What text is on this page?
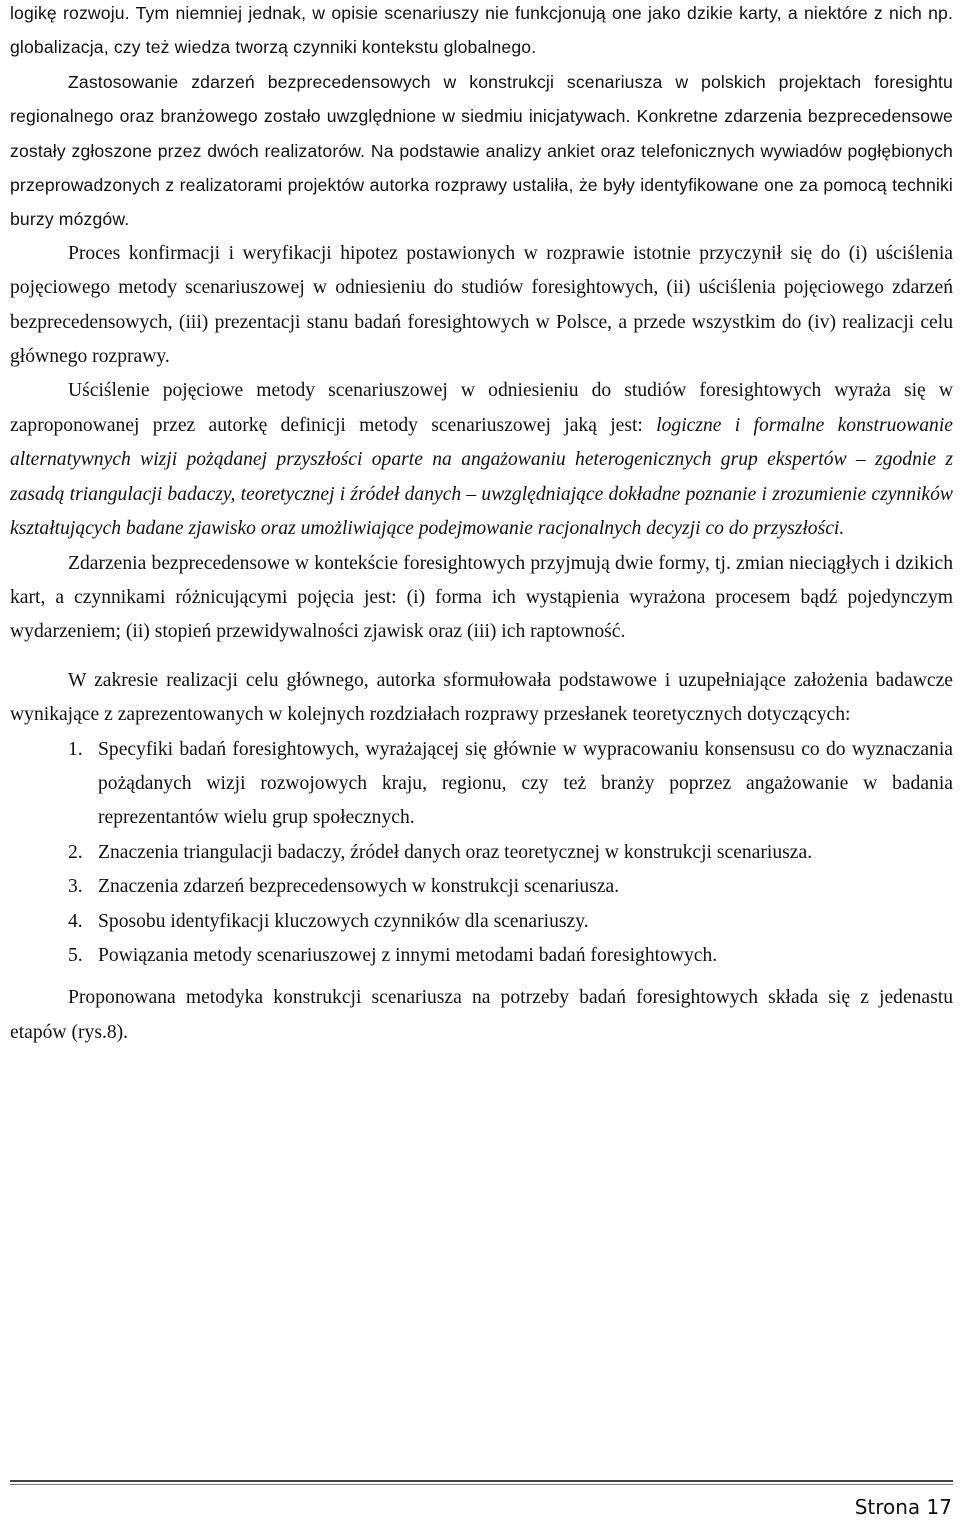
logikę rozwoju. Tym niemniej jednak, w opisie scenariuszy nie funkcjonują one jako dzikie karty, a niektóre z nich np. globalizacja, czy też wiedza tworzą czynniki kontekstu globalnego.

Zastosowanie zdarzeń bezprecedensowych w konstrukcji scenariusza w polskich projektach foresightu regionalnego oraz branżowego zostało uwzględnione w siedmiu inicjatywach. Konkretne zdarzenia bezprecedensowe zostały zgłoszone przez dwóch realizatorów. Na podstawie analizy ankiet oraz telefonicznych wywiadów pogłębionych przeprowadzonych z realizatorami projektów autorka rozprawy ustaliła, że były identyfikowane one za pomocą techniki burzy mózgów.

Proces konfirmacji i weryfikacji hipotez postawionych w rozprawie istotnie przyczynił się do (i) uściślenia pojęciowego metody scenariuszowej w odniesieniu do studiów foresightowych, (ii) uściślenia pojęciowego zdarzeń bezprecedensowych, (iii) prezentacji stanu badań foresightowych w Polsce, a przede wszystkim do (iv) realizacji celu głównego rozprawy.

Uściślenie pojęciowe metody scenariuszowej w odniesieniu do studiów foresightowych wyraża się w zaproponowanej przez autorkę definicji metody scenariuszowej jaką jest: logiczne i formalne konstruowanie alternatywnych wizji pożądanej przyszłości oparte na angażowaniu heterogenicznych grup ekspertów – zgodnie z zasadą triangulacji badaczy, teoretycznej i źródeł danych – uwzględniające dokładne poznanie i zrozumienie czynników kształtujących badane zjawisko oraz umożliwiające podejmowanie racjonalnych decyzji co do przyszłości.

Zdarzenia bezprecedensowe w kontekście foresightowych przyjmują dwie formy, tj. zmian nieciągłych i dzikich kart, a czynnikami różnicującymi pojęcia jest: (i) forma ich wystąpienia wyrażona procesem bądź pojedynczym wydarzeniem; (ii) stopień przewidywalności zjawisk oraz (iii) ich raptowność.

W zakresie realizacji celu głównego, autorka sformułowała podstawowe i uzupełniające założenia badawcze wynikające z zaprezentowanych w kolejnych rozdziałach rozprawy przesłanek teoretycznych dotyczących:

1. Specyfiki badań foresightowych, wyrażającej się głównie w wypracowaniu konsensusu co do wyznaczania pożądanych wizji rozwojowych kraju, regionu, czy też branży poprzez angażowanie w badania reprezentantów wielu grup społecznych.
2. Znaczenia triangulacji badaczy, źródeł danych oraz teoretycznej w konstrukcji scenariusza.
3. Znaczenia zdarzeń bezprecedensowych w konstrukcji scenariusza.
4. Sposobu identyfikacji kluczowych czynników dla scenariuszy.
5. Powiązania metody scenariuszowej z innymi metodami badań foresightowych.

Proponowana metodyka konstrukcji scenariusza na potrzeby badań foresightowych składa się z jedenastu etapów (rys.8).

Strona 17
